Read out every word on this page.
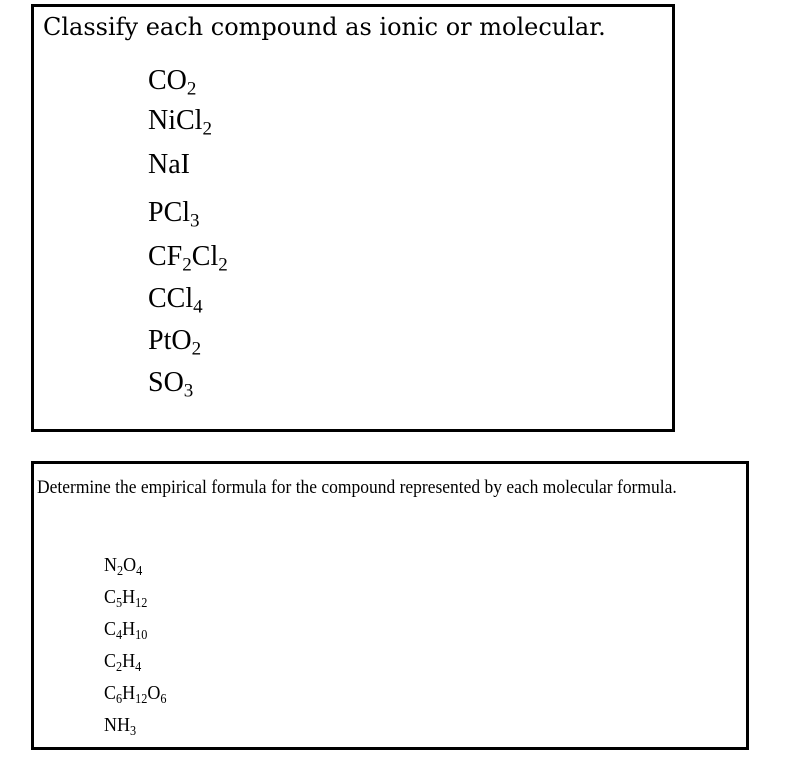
Classify each compound as ionic or molecular.
$CO_2$
NiCl$_2$
NaI
PCl$_3$
$CF_2Cl_2$
CCl$_4$
PtO$_2$
$SO_3$
Determine the empirical formula for the compound represented by each molecular formula.
$N_2O_4$
$C_5H_{12}$
$C_4H_{10}$
$C_2H_4$
$C_6H_{12}O_6$
$NH_3$
